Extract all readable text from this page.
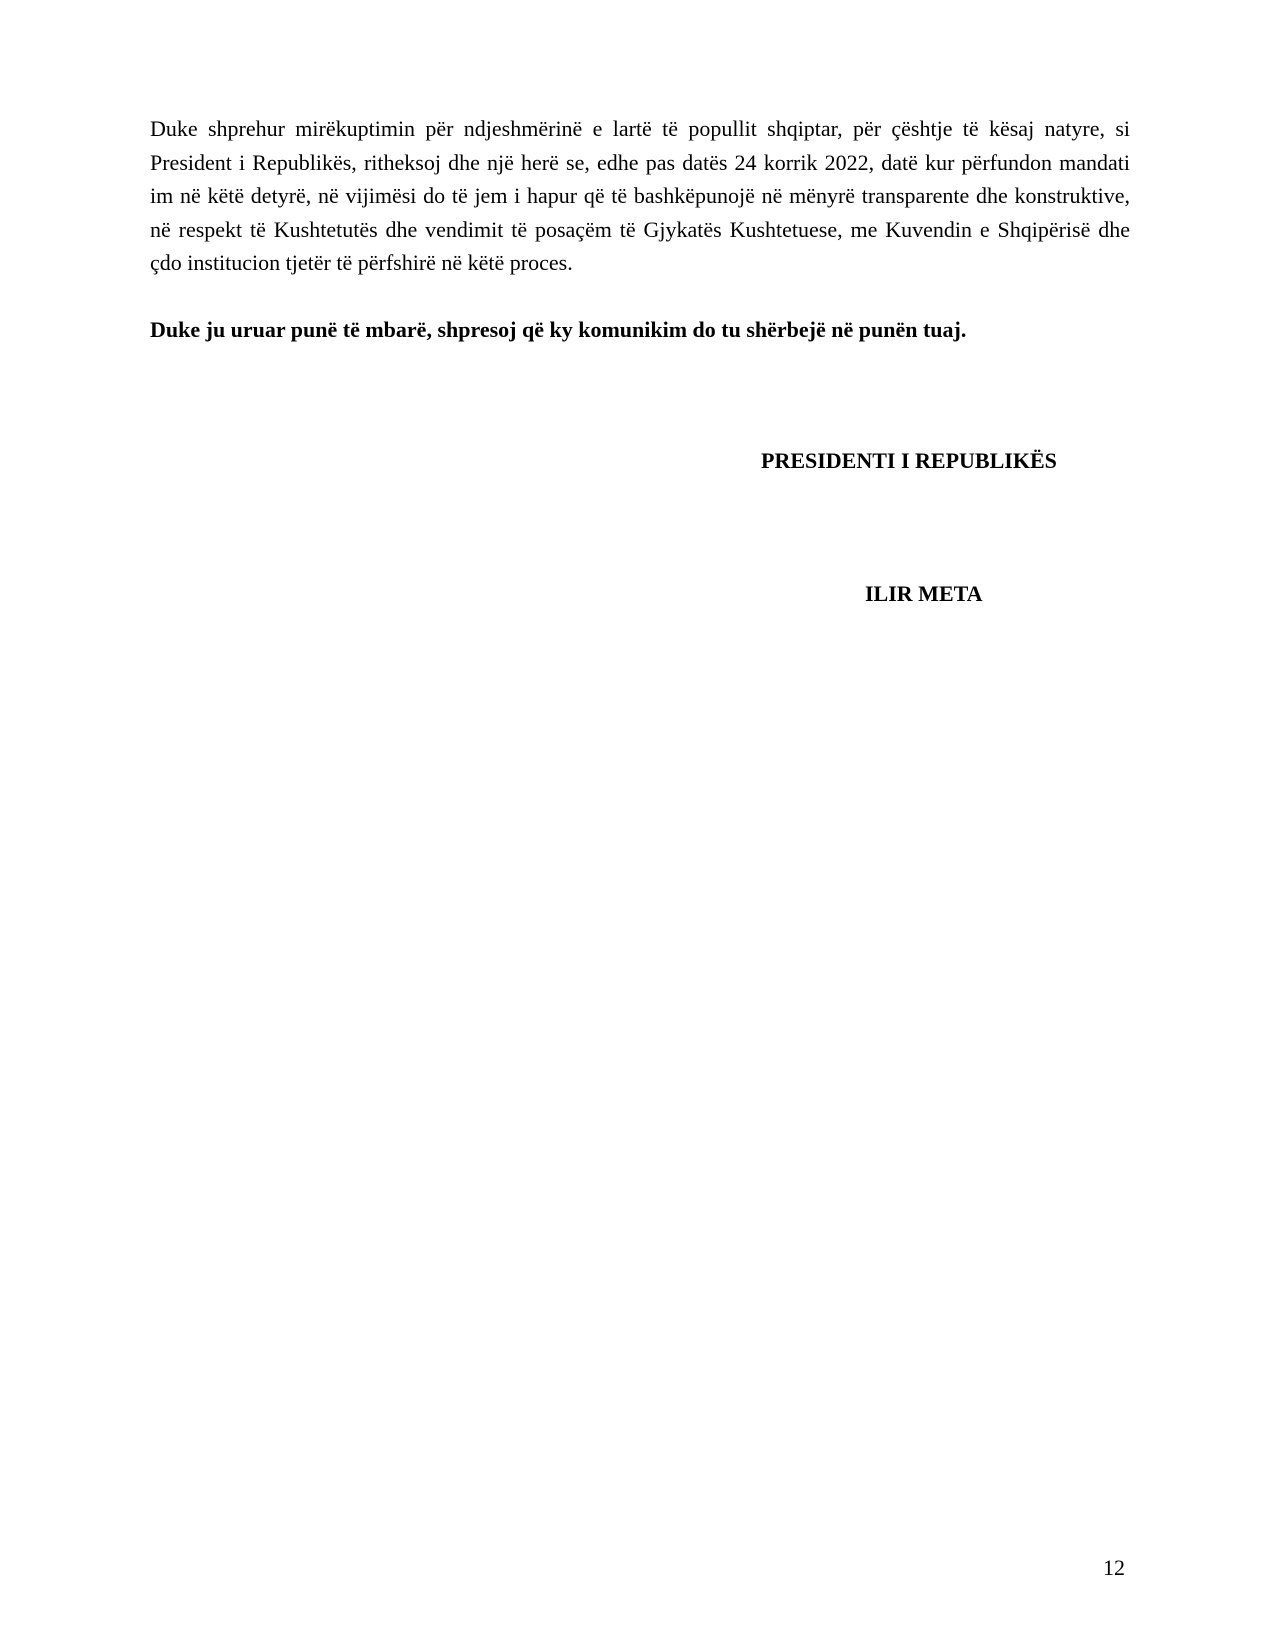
Duke shprehur mirëkuptimin për ndjeshmërinë e lartë të popullit shqiptar, për çështje të kësaj natyre, si President i Republikës, ritheksoj dhe një herë se, edhe pas datës 24 korrik 2022, datë kur përfundon mandati im në këtë detyrë, në vijimësi do të jem i hapur që të bashkëpunojë në mënyrë transparente dhe konstruktive, në respekt të Kushtetutës dhe vendimit të posaçëm të Gjykatës Kushtetuese, me Kuvendin e Shqipërisë dhe çdo institucion tjetër të përfshirë në këtë proces.

Duke ju uruar punë të mbarë, shpresoj që ky komunikim do tu shërbejë në punën tuaj.

PRESIDENTI I REPUBLIKËS

ILIR META

12
